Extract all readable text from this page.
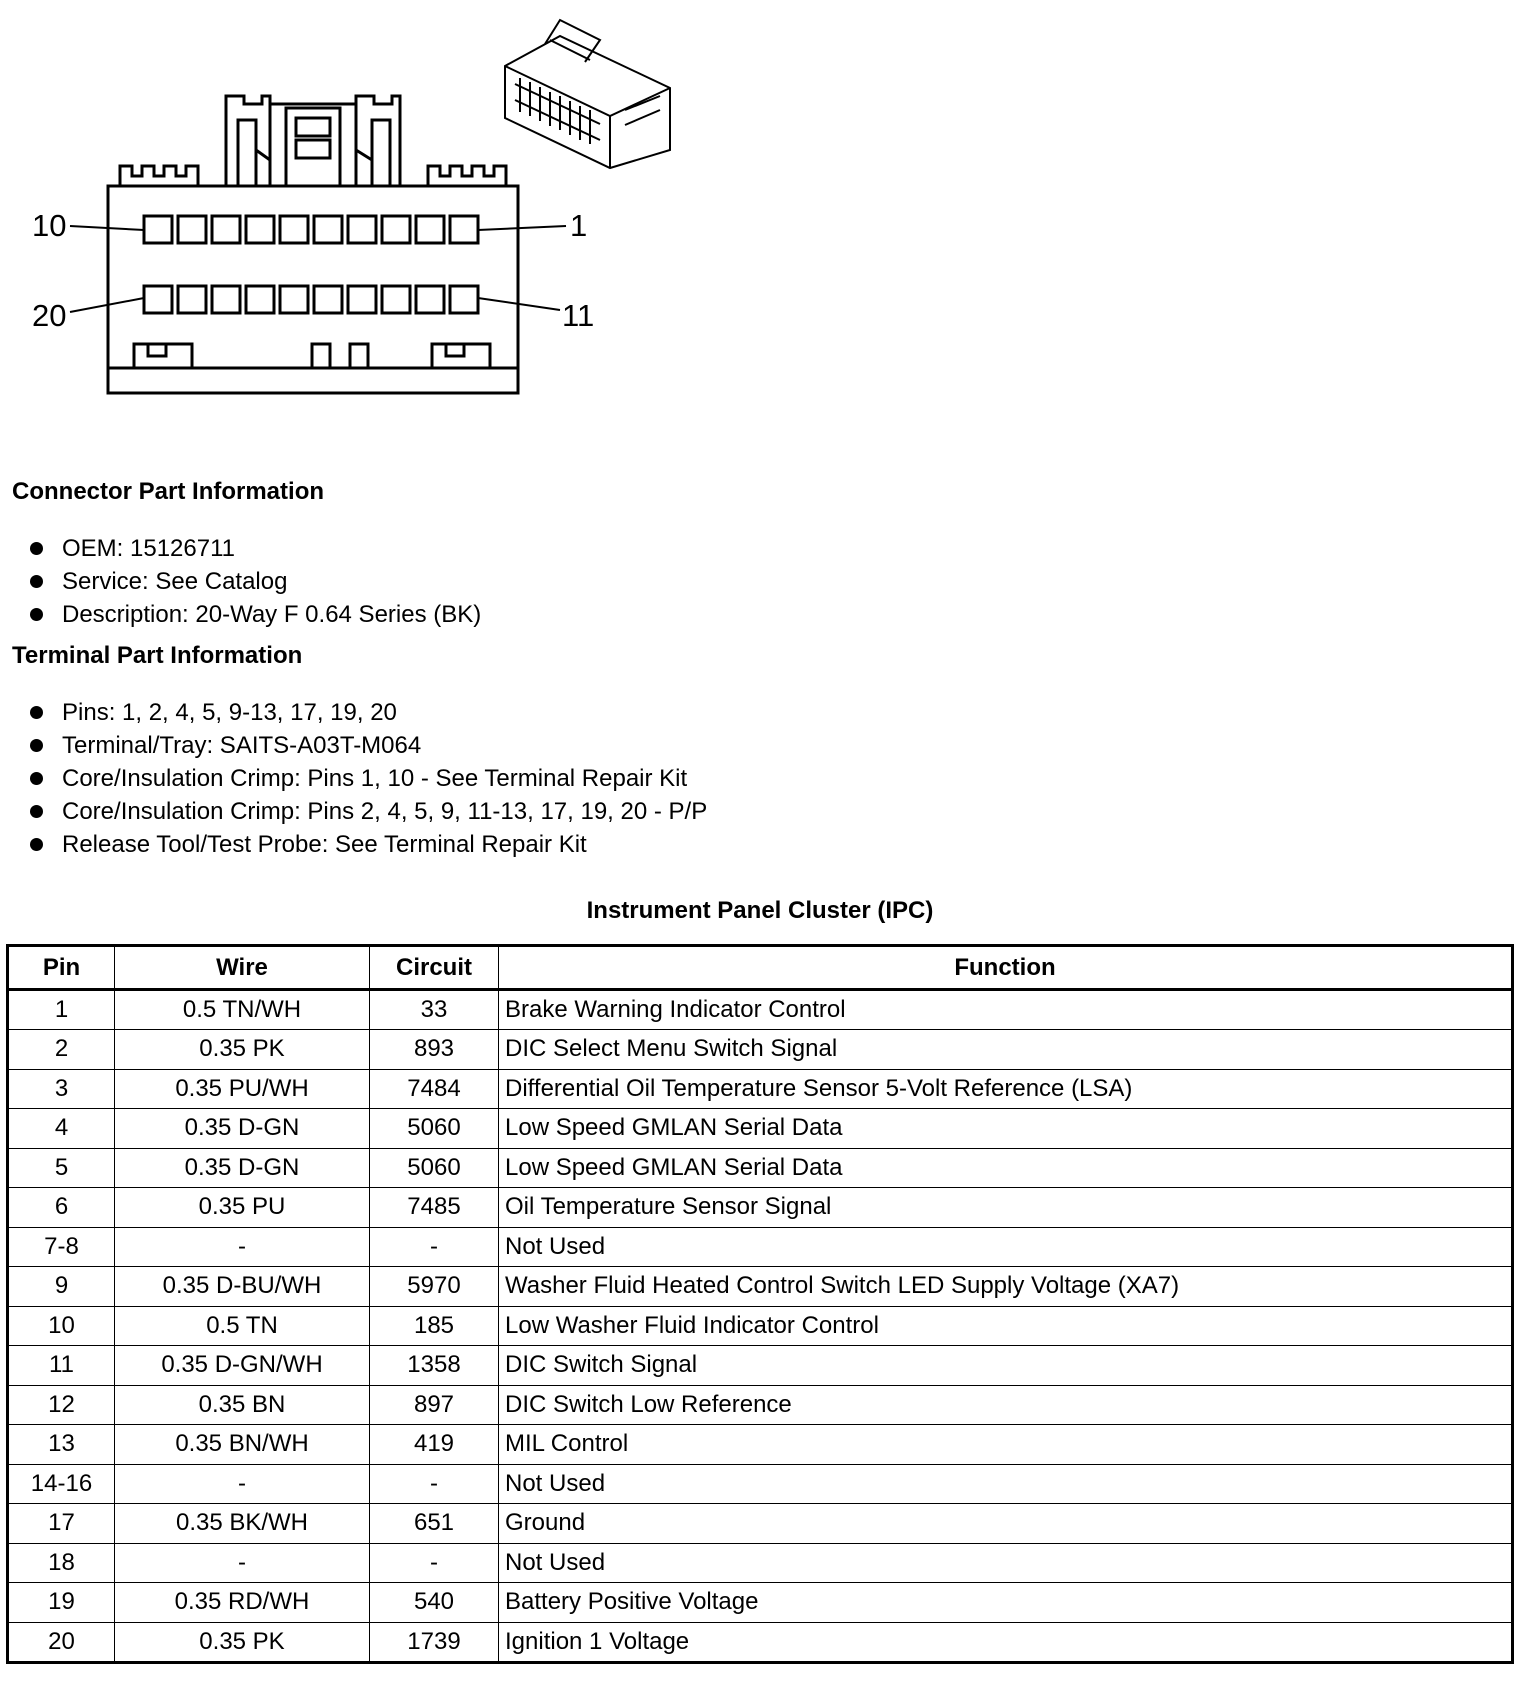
10	1
20	11
Connector Part Information
OEM: 15126711
Service: See Catalog
Description: 20-Way F 0.64 Series (BK)
Terminal Part Information
Pins: 1, 2, 4, 5, 9-13, 17, 19, 20
Terminal/Tray: SAITS-A03T-M064
Core/Insulation Crimp: Pins 1, 10 - See Terminal Repair Kit
Core/Insulation Crimp: Pins 2, 4, 5, 9, 11-13, 17, 19, 20 - P/P
Release Tool/Test Probe: See Terminal Repair Kit
Instrument Panel Cluster (IPC)
Pin	Wire	Circuit	Function
1	0.5 TN/WH	33	Brake Warning Indicator Control
2	0.35 PK	893	DIC Select Menu Switch Signal
3	0.35 PU/WH	7484	Differential Oil Temperature Sensor 5-Volt Reference (LSA)
4	0.35 D-GN	5060	Low Speed GMLAN Serial Data
5	0.35 D-GN	5060	Low Speed GMLAN Serial Data
6	0.35 PU	7485	Oil Temperature Sensor Signal
7-8	-	-	Not Used
9	0.35 D-BU/WH	5970	Washer Fluid Heated Control Switch LED Supply Voltage (XA7)
10	0.5 TN	185	Low Washer Fluid Indicator Control
11	0.35 D-GN/WH	1358	DIC Switch Signal
12	0.35 BN	897	DIC Switch Low Reference
13	0.35 BN/WH	419	MIL Control
14-16	-	-	Not Used
17	0.35 BK/WH	651	Ground
18	-	-	Not Used
19	0.35 RD/WH	540	Battery Positive Voltage
20	0.35 PK	1739	Ignition 1 Voltage
